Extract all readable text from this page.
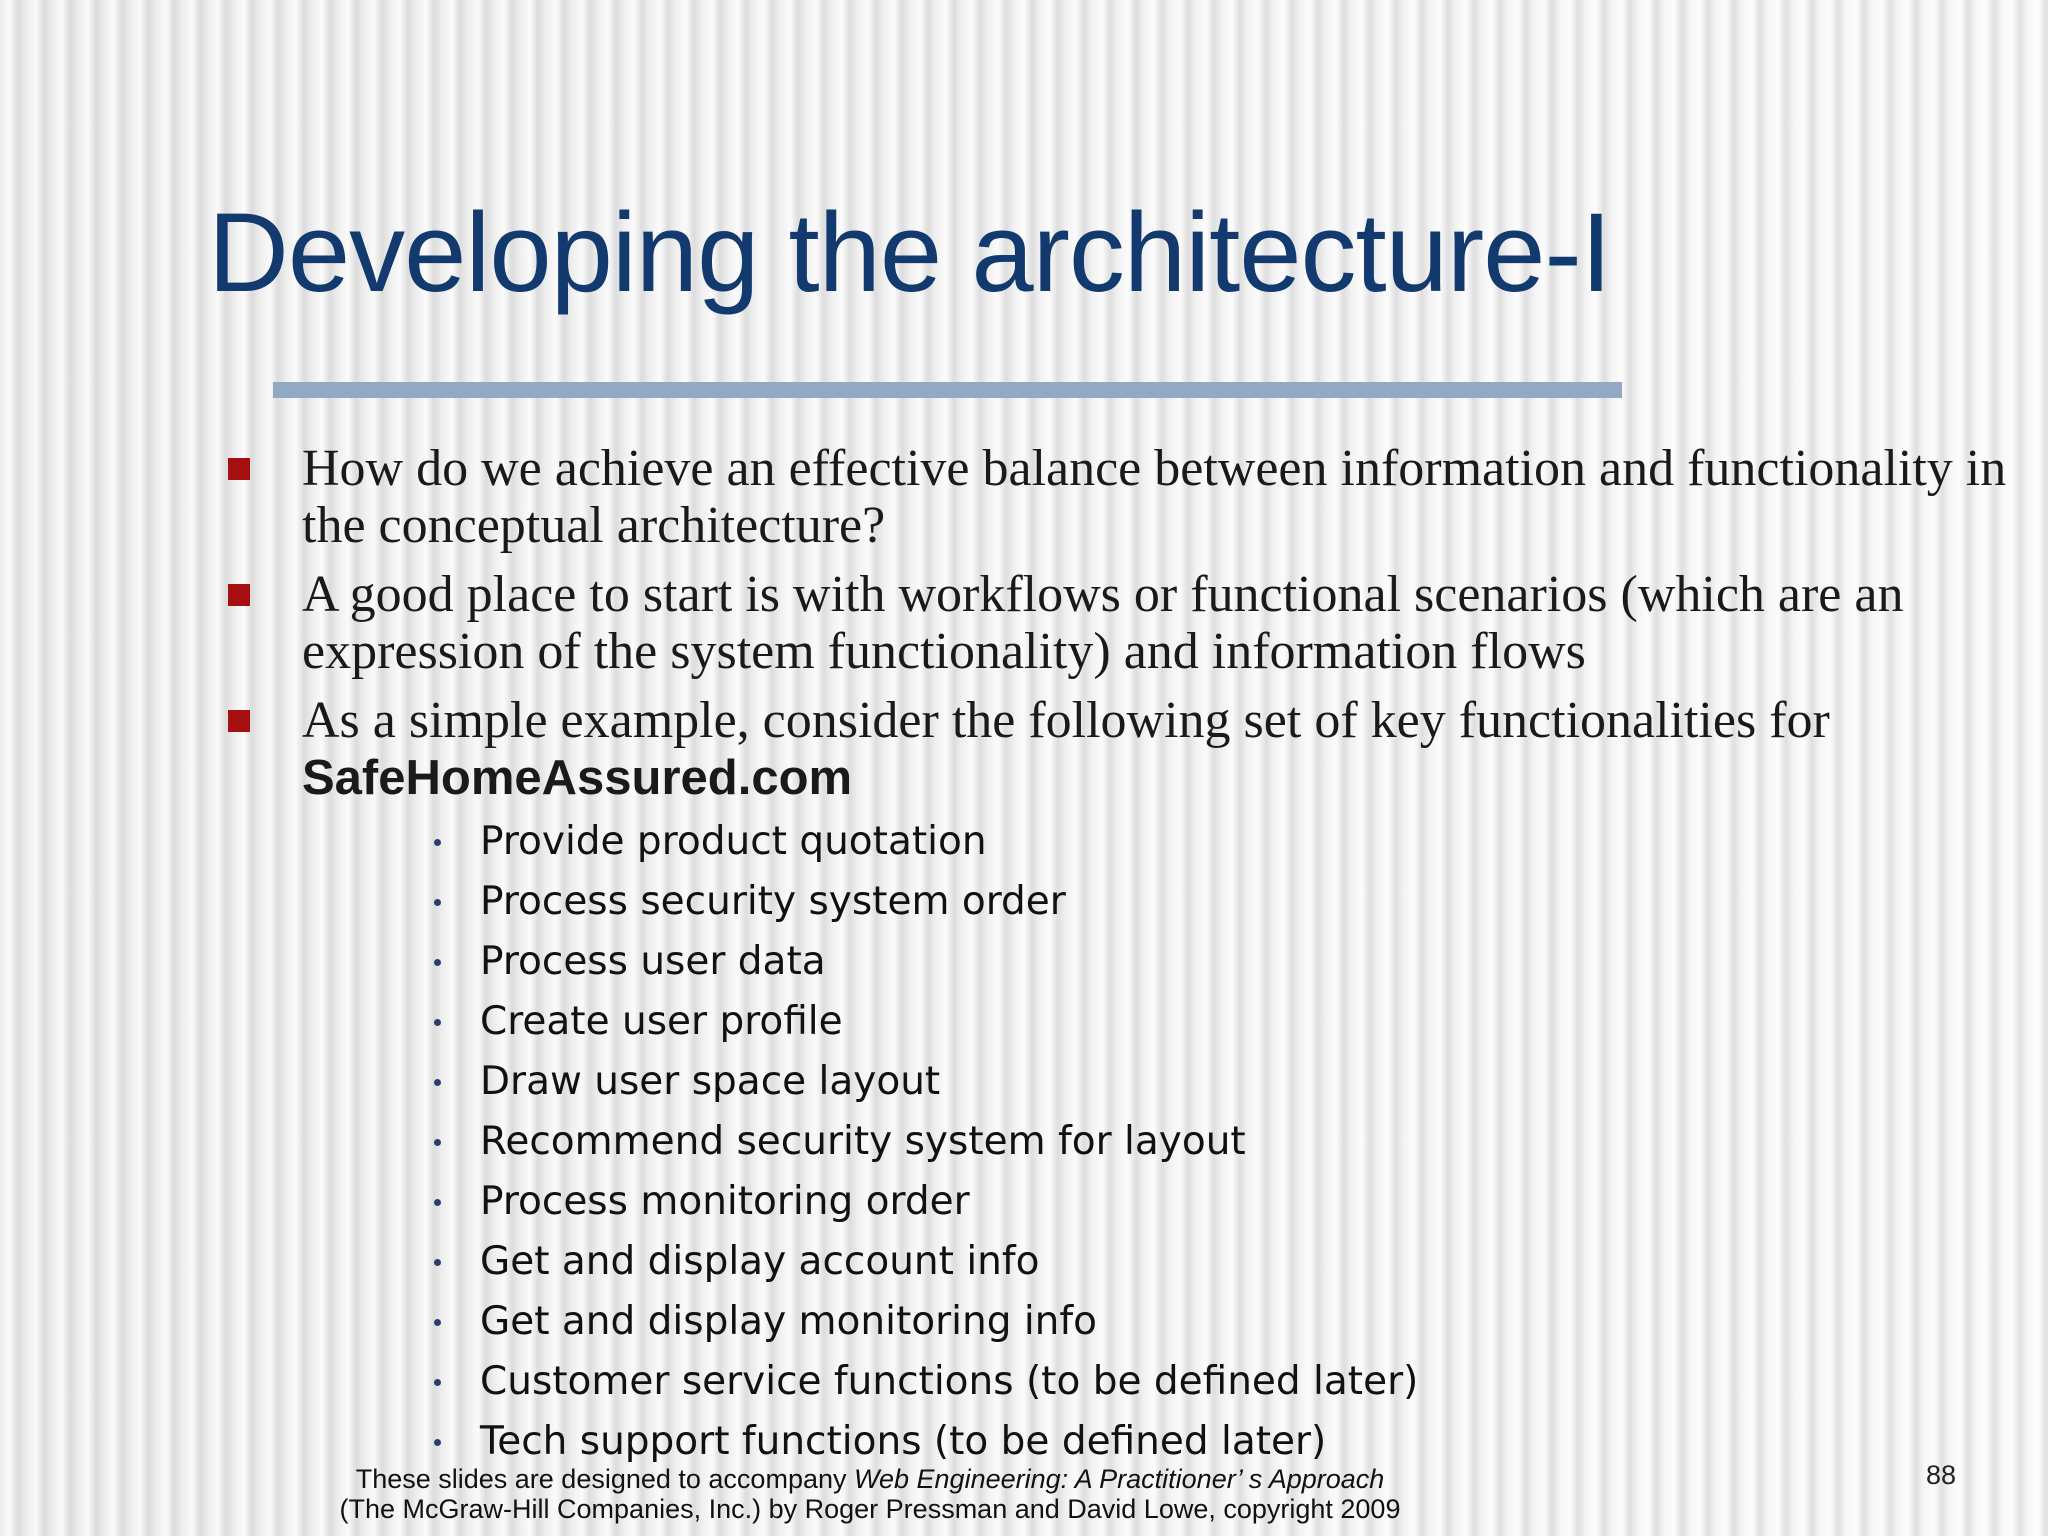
Developing the architecture-I
How do we achieve an effective balance between information and functionality in the conceptual architecture?
A good place to start is with workflows or functional scenarios (which are an expression of the system functionality) and information flows
As a simple example, consider the following set of key functionalities for
SafeHomeAssured.com
Provide product quotation
Process security system order
Process user data
Create user profile
Draw user space layout
Recommend security system for layout
Process monitoring order
Get and display account info
Get and display monitoring info
Customer service functions (to be defined later)
Tech support functions (to be defined later)
These slides are designed to accompany Web Engineering: A Practitioner’ s Approach
(The McGraw-Hill Companies, Inc.) by Roger Pressman and David Lowe, copyright 2009
88
